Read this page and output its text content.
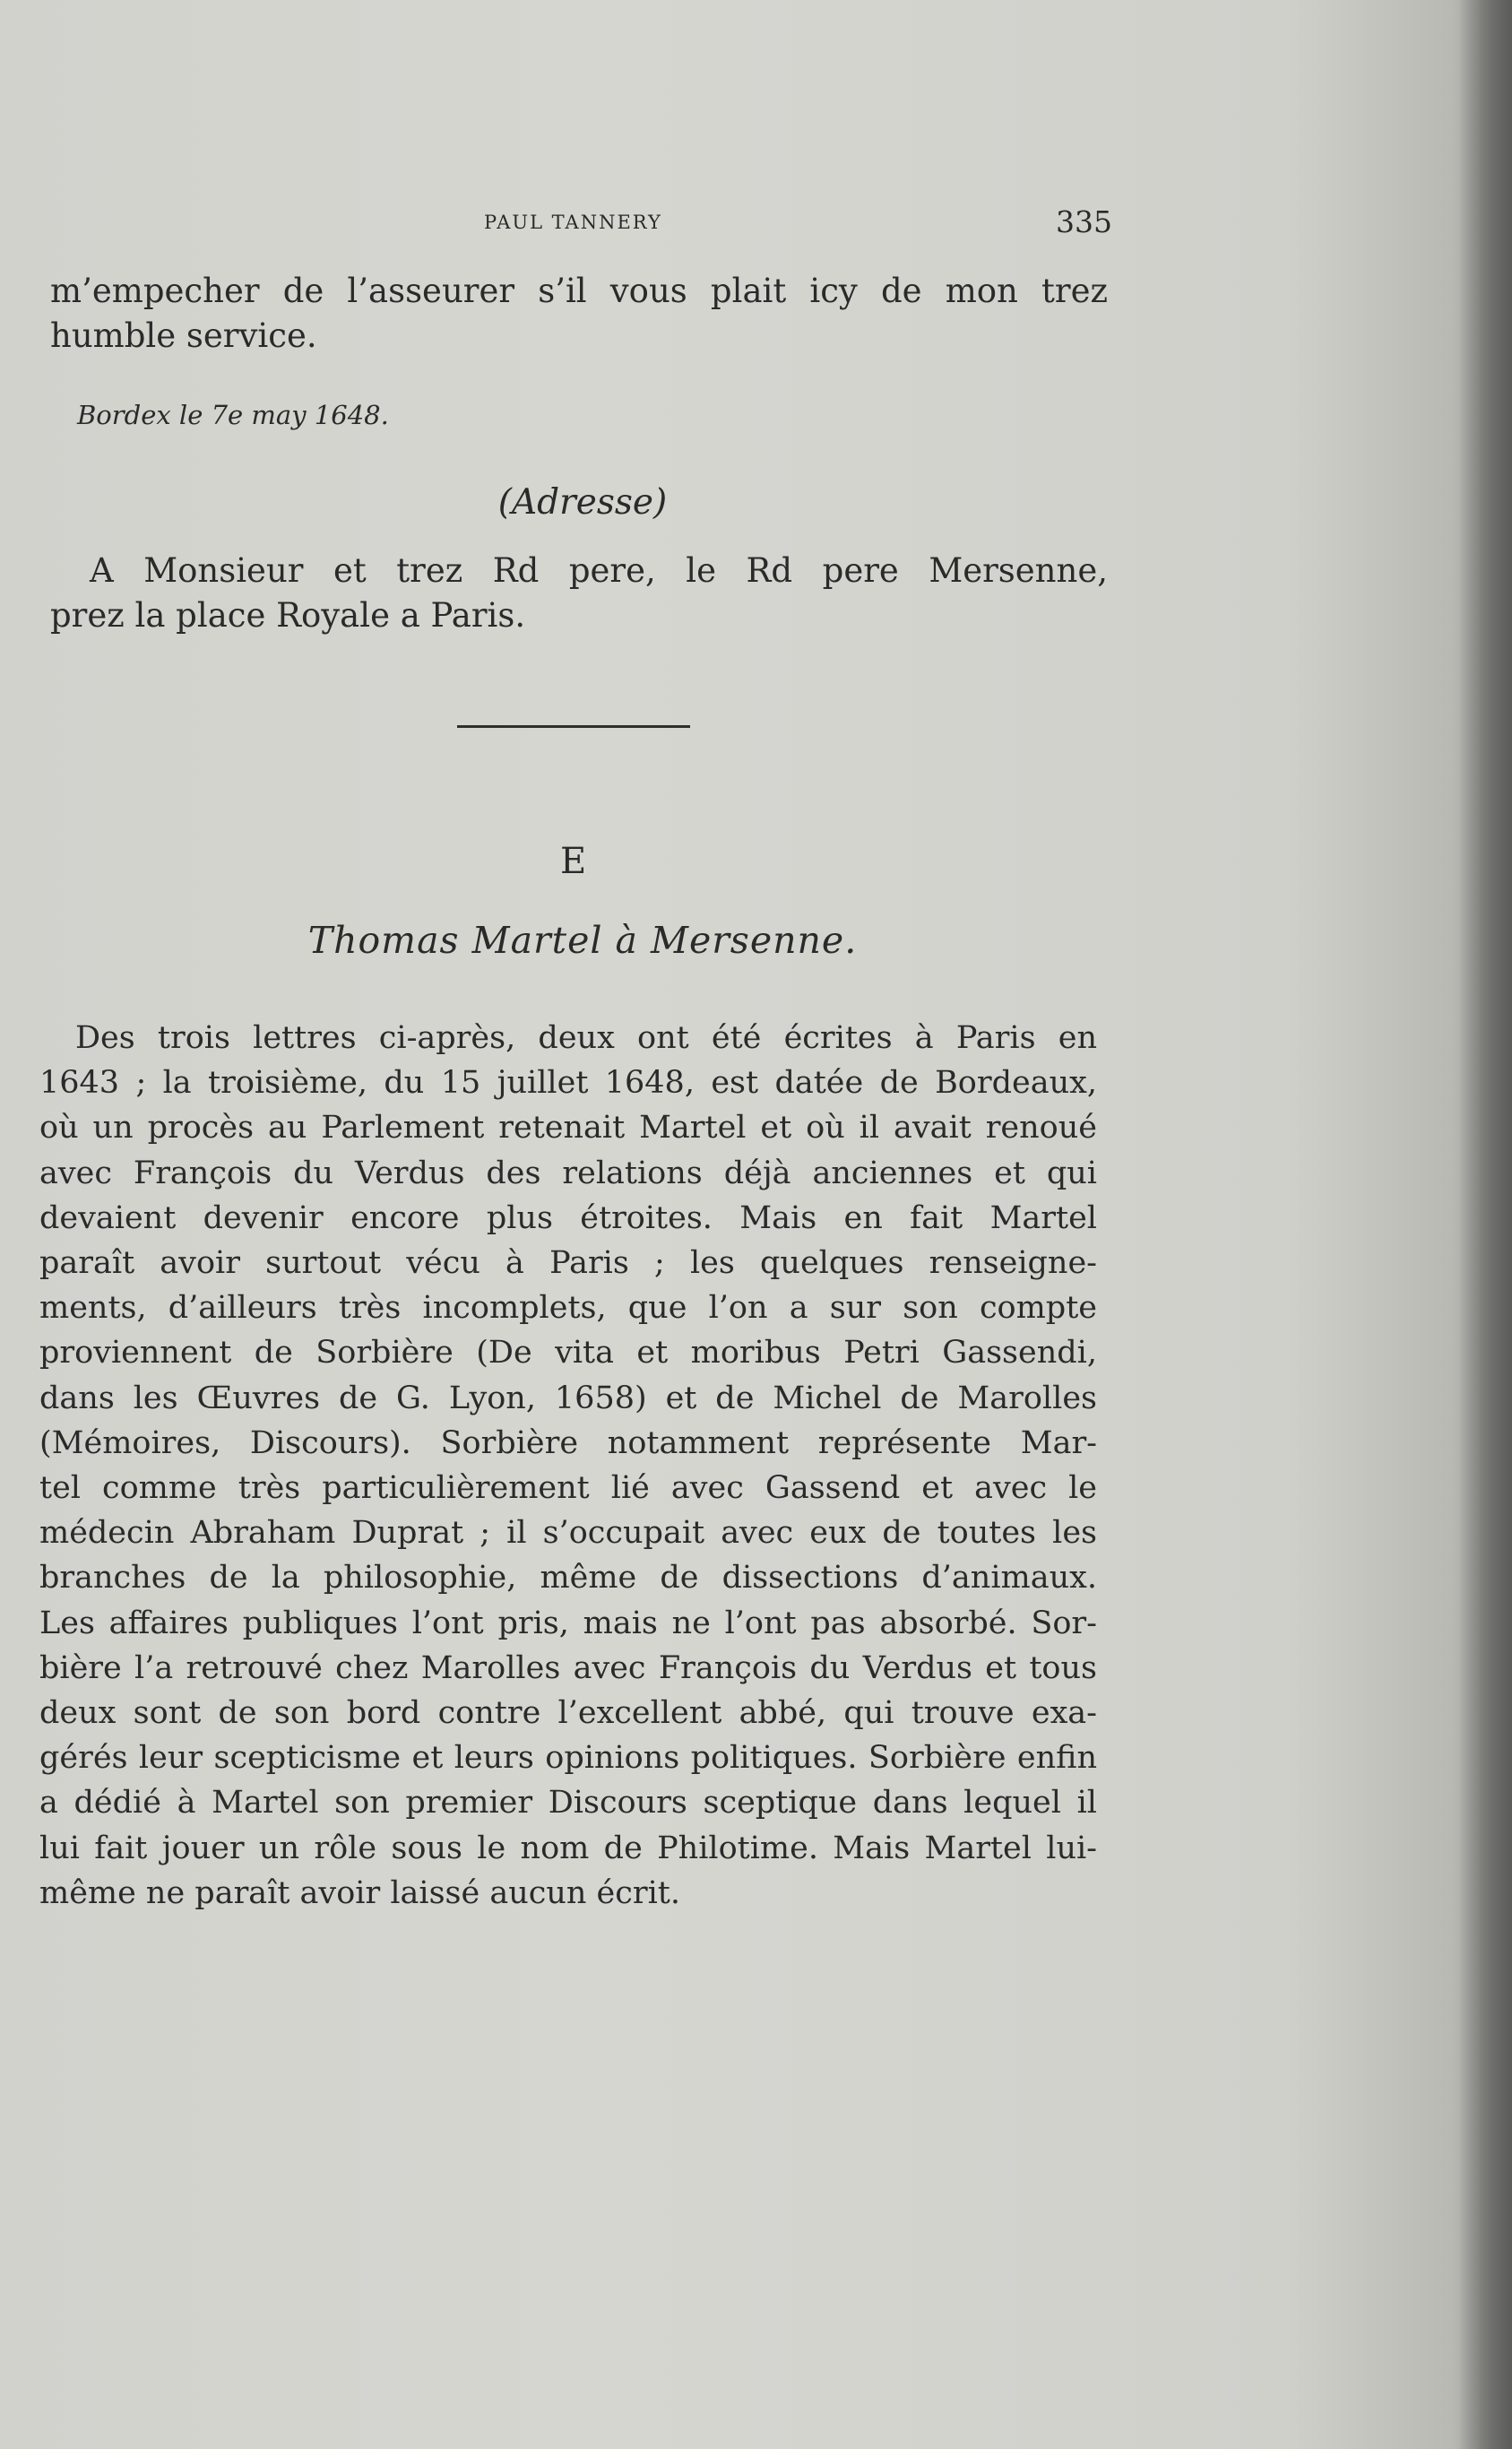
PAUL TANNERY	335
m’empecher de l’asseurer s’il vous plait icy de mon trez
humble service.
Bordex le 7e may 1648.
(Adresse)
A Monsieur et trez Rd pere, le Rd pere Mersenne,
prez la place Royale a Paris.
E
Thomas Martel à Mersenne.
Des trois lettres ci-après, deux ont été écrites à Paris en
1643 ; la troisième, du 15 juillet 1648, est datée de Bordeaux,
où un procès au Parlement retenait Martel et où il avait renoué
avec François du Verdus des relations déjà anciennes et qui
devaient devenir encore plus étroites. Mais en fait Martel
paraît avoir surtout vécu à Paris ; les quelques renseigne-
ments, d’ailleurs très incomplets, que l’on a sur son compte
proviennent de Sorbière (De vita et moribus Petri Gassendi,
dans les Œuvres de G. Lyon, 1658) et de Michel de Marolles
(Mémoires, Discours). Sorbière notamment représente Mar-
tel comme très particulièrement lié avec Gassend et avec le
médecin Abraham Duprat ; il s’occupait avec eux de toutes les
branches de la philosophie, même de dissections d’animaux.
Les affaires publiques l’ont pris, mais ne l’ont pas absorbé. Sor-
bière l’a retrouvé chez Marolles avec François du Verdus et tous
deux sont de son bord contre l’excellent abbé, qui trouve exa-
gérés leur scepticisme et leurs opinions politiques. Sorbière enfin
a dédié à Martel son premier Discours sceptique dans lequel il
lui fait jouer un rôle sous le nom de Philotime. Mais Martel lui-
même ne paraît avoir laissé aucun écrit.
